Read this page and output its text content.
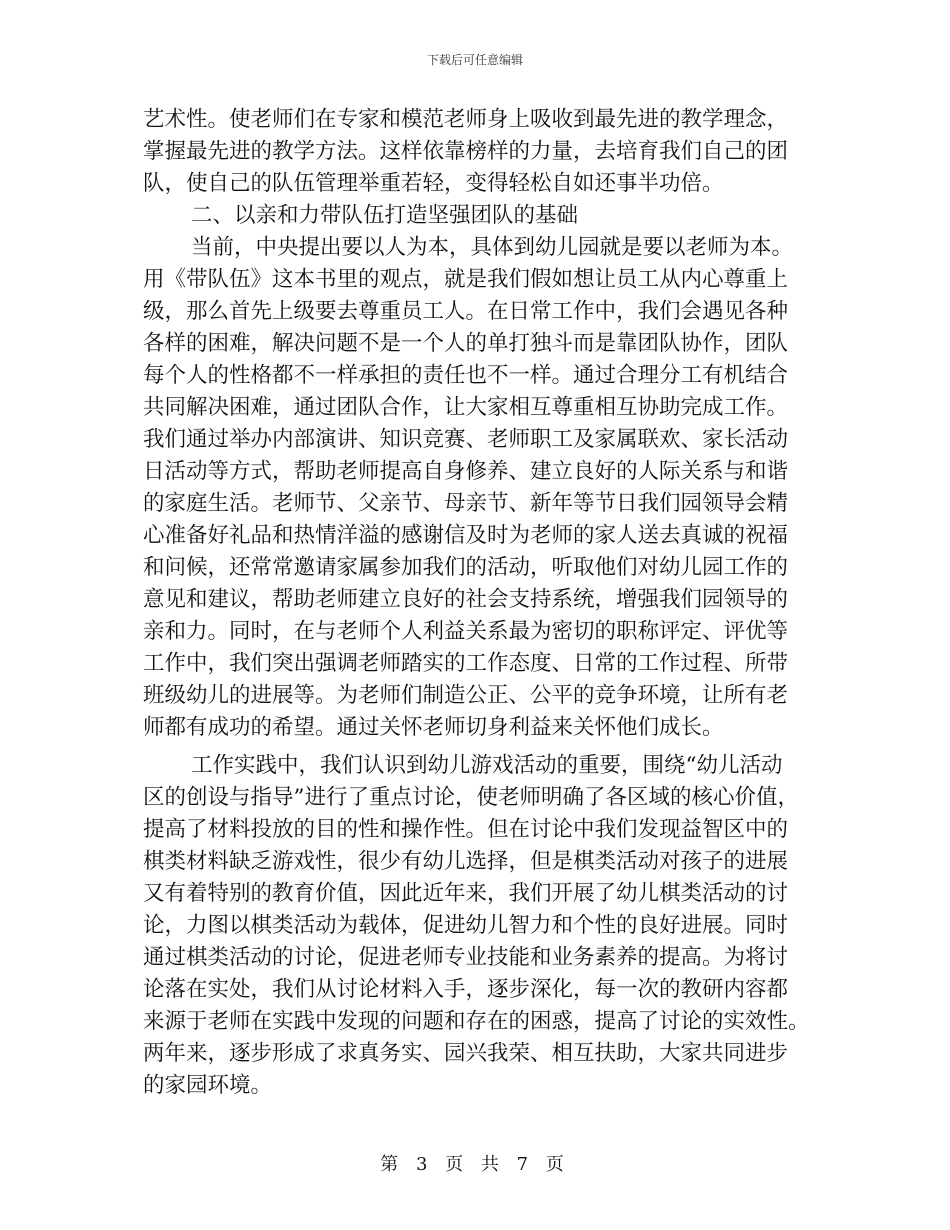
下载后可任意编辑
艺术性。使老师们在专家和模范老师身上吸收到最先进的教学理念，
掌握最先进的教学方法。这样依靠榜样的力量，去培育我们自己的团
队，使自己的队伍管理举重若轻，变得轻松自如还事半功倍。
二、以亲和力带队伍打造坚强团队的基础
当前，中央提出要以人为本，具体到幼儿园就是要以老师为本。
用《带队伍》这本书里的观点，就是我们假如想让员工从内心尊重上
级，那么首先上级要去尊重员工人。在日常工作中，我们会遇见各种
各样的困难，解决问题不是一个人的单打独斗而是靠团队协作，团队
每个人的性格都不一样承担的责任也不一样。通过合理分工有机结合
共同解决困难，通过团队合作，让大家相互尊重相互协助完成工作。
我们通过举办内部演讲、知识竞赛、老师职工及家属联欢、家长活动
日活动等方式，帮助老师提高自身修养、建立良好的人际关系与和谐
的家庭生活。老师节、父亲节、母亲节、新年等节日我们园领导会精
心准备好礼品和热情洋溢的感谢信及时为老师的家人送去真诚的祝福
和问候，还常常邀请家属参加我们的活动，听取他们对幼儿园工作的
意见和建议，帮助老师建立良好的社会支持系统，增强我们园领导的
亲和力。同时，在与老师个人利益关系最为密切的职称评定、评优等
工作中，我们突出强调老师踏实的工作态度、日常的工作过程、所带
班级幼儿的进展等。为老师们制造公正、公平的竞争环境，让所有老
师都有成功的希望。通过关怀老师切身利益来关怀他们成长。
工作实践中，我们认识到幼儿游戏活动的重要，围绕“幼儿活动
区的创设与指导”进行了重点讨论，使老师明确了各区域的核心价值，
提高了材料投放的目的性和操作性。但在讨论中我们发现益智区中的
棋类材料缺乏游戏性，很少有幼儿选择，但是棋类活动对孩子的进展
又有着特别的教育价值，因此近年来，我们开展了幼儿棋类活动的讨
论，力图以棋类活动为载体，促进幼儿智力和个性的良好进展。同时
通过棋类活动的讨论，促进老师专业技能和业务素养的提高。为将讨
论落在实处，我们从讨论材料入手，逐步深化，每一次的教研内容都
来源于老师在实践中发现的问题和存在的困惑，提高了讨论的实效性。
两年来，逐步形成了求真务实、园兴我荣、相互扶助，大家共同进步
的家园环境。
第 3 页 共 7 页
